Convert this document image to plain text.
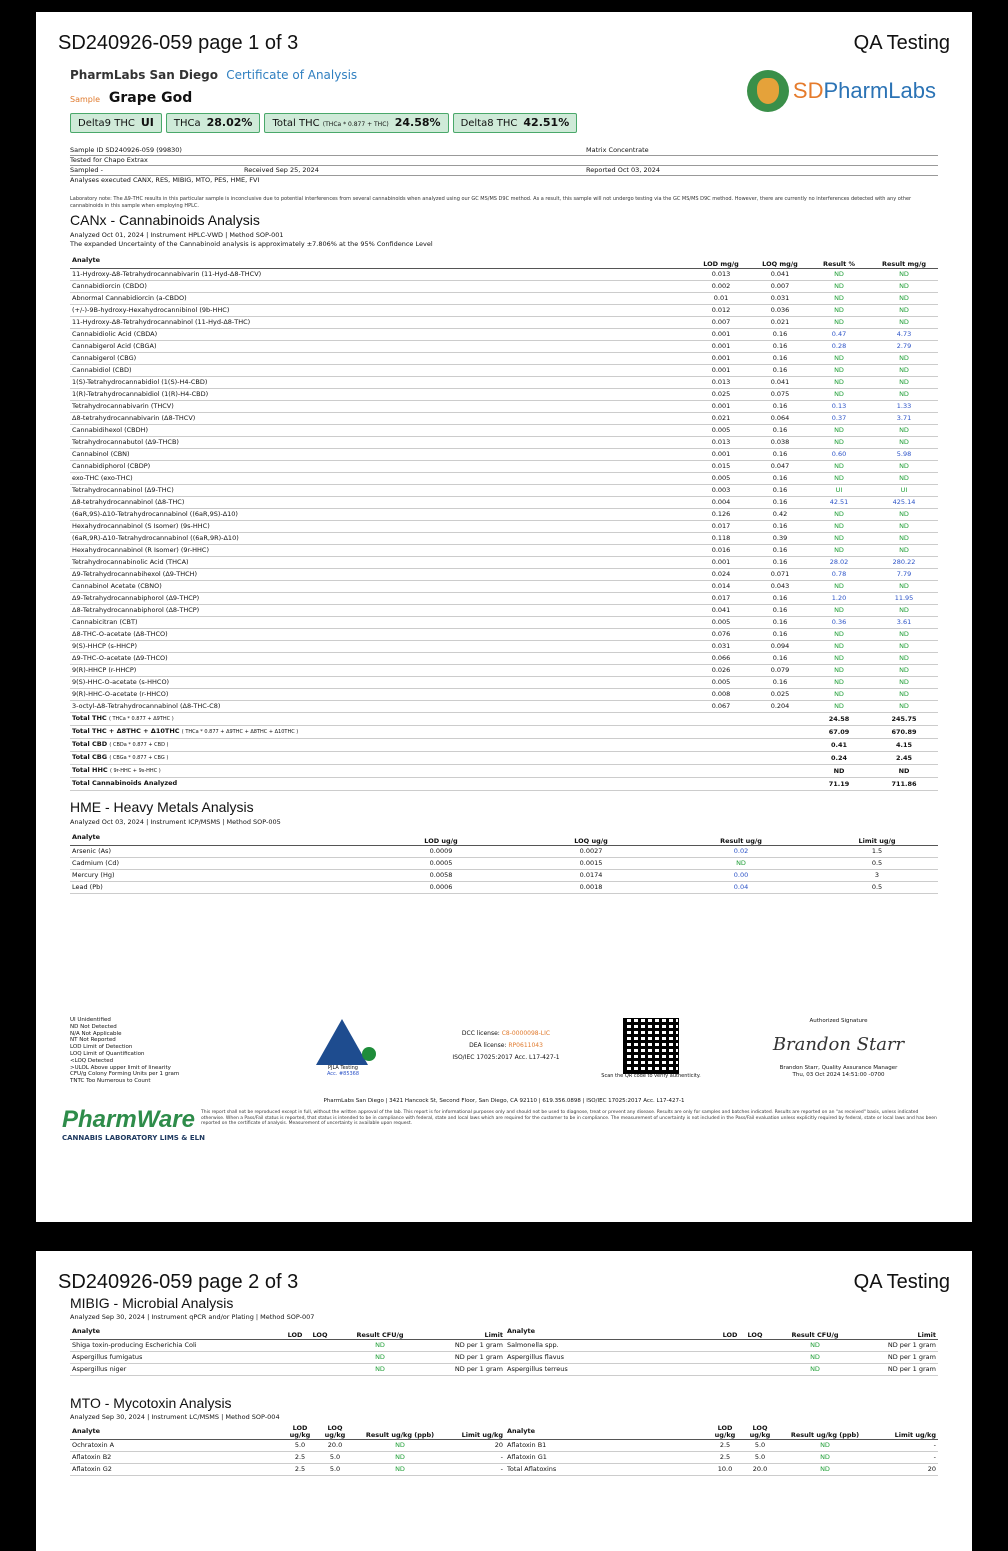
SD240926-059 page 1 of 3	QA Testing
PharmLabs San Diego Certificate of Analysis
Sample Grape God
Delta9 THC UI	THCa 28.02%	Total THC (THCa * 0.877 + THC) 24.58%	Delta8 THC 42.51%
SDPharmLabs
Sample ID SD240926-059 (99830)	Matrix Concentrate
Tested for Chapo Extrax
Sampled -	Received Sep 25, 2024	Reported Oct 03, 2024
Analyses executed CANX, RES, MIBIG, MTO, PES, HME, FVI
Laboratory note: The Δ9-THC results in this particular sample is inconclusive due to potential interferences from several cannabinoids when analyzed using our GC MS/MS D9C method. As a result, this sample will not undergo testing via the GC MS/MS D9C method. However, there are currently no interferences detected with any other cannabinoids in this sample when employing HPLC.
CANx - Cannabinoids Analysis
Analyzed Oct 01, 2024 | Instrument HPLC-VWD | Method SOP-001
The expanded Uncertainty of the Cannabinoid analysis is approximately ±7.806% at the 95% Confidence Level
Analyte	LOD mg/g	LOQ mg/g	Result %	Result mg/g
11-Hydroxy-Δ8-Tetrahydrocannabivarin (11-Hyd-Δ8-THCV)	0.013	0.041	ND	ND
Cannabidiorcin (CBDO)	0.002	0.007	ND	ND
Abnormal Cannabidiorcin (a-CBDO)	0.01	0.031	ND	ND
(+/-)-9B-hydroxy-Hexahydrocannibinol (9b-HHC)	0.012	0.036	ND	ND
11-Hydroxy-Δ8-Tetrahydrocannabinol (11-Hyd-Δ8-THC)	0.007	0.021	ND	ND
Cannabidiolic Acid (CBDA)	0.001	0.16	0.47	4.73
Cannabigerol Acid (CBGA)	0.001	0.16	0.28	2.79
Cannabigerol (CBG)	0.001	0.16	ND	ND
Cannabidiol (CBD)	0.001	0.16	ND	ND
1(S)-Tetrahydrocannabidiol (1(S)-H4-CBD)	0.013	0.041	ND	ND
1(R)-Tetrahydrocannabidiol (1(R)-H4-CBD)	0.025	0.075	ND	ND
Tetrahydrocannabivarin (THCV)	0.001	0.16	0.13	1.33
Δ8-tetrahydrocannabivarin (Δ8-THCV)	0.021	0.064	0.37	3.71
Cannabidihexol (CBDH)	0.005	0.16	ND	ND
Tetrahydrocannabutol (Δ9-THCB)	0.013	0.038	ND	ND
Cannabinol (CBN)	0.001	0.16	0.60	5.98
Cannabidiphorol (CBDP)	0.015	0.047	ND	ND
exo-THC (exo-THC)	0.005	0.16	ND	ND
Tetrahydrocannabinol (Δ9-THC)	0.003	0.16	UI	UI
Δ8-tetrahydrocannabinol (Δ8-THC)	0.004	0.16	42.51	425.14
(6aR,9S)-Δ10-Tetrahydrocannabinol ((6aR,9S)-Δ10)	0.126	0.42	ND	ND
Hexahydrocannabinol (S Isomer) (9s-HHC)	0.017	0.16	ND	ND
(6aR,9R)-Δ10-Tetrahydrocannabinol ((6aR,9R)-Δ10)	0.118	0.39	ND	ND
Hexahydrocannabinol (R Isomer) (9r-HHC)	0.016	0.16	ND	ND
Tetrahydrocannabinolic Acid (THCA)	0.001	0.16	28.02	280.22
Δ9-Tetrahydrocannabihexol (Δ9-THCH)	0.024	0.071	0.78	7.79
Cannabinol Acetate (CBNO)	0.014	0.043	ND	ND
Δ9-Tetrahydrocannabiphorol (Δ9-THCP)	0.017	0.16	1.20	11.95
Δ8-Tetrahydrocannabiphorol (Δ8-THCP)	0.041	0.16	ND	ND
Cannabicitran (CBT)	0.005	0.16	0.36	3.61
Δ8-THC-O-acetate (Δ8-THCO)	0.076	0.16	ND	ND
9(S)-HHCP (s-HHCP)	0.031	0.094	ND	ND
Δ9-THC-O-acetate (Δ9-THCO)	0.066	0.16	ND	ND
9(R)-HHCP (r-HHCP)	0.026	0.079	ND	ND
9(S)-HHC-O-acetate (s-HHCO)	0.005	0.16	ND	ND
9(R)-HHC-O-acetate (r-HHCO)	0.008	0.025	ND	ND
3-octyl-Δ8-Tetrahydrocannabinol (Δ8-THC-C8)	0.067	0.204	ND	ND
Total THC ( THCa * 0.877 + Δ9THC )			24.58	245.75
Total THC + Δ8THC + Δ10THC ( THCa * 0.877 + Δ9THC + Δ8THC + Δ10THC )			67.09	670.89
Total CBD ( CBDa * 0.877 + CBD )			0.41	4.15
Total CBG ( CBGa * 0.877 + CBG )			0.24	2.45
Total HHC ( 9r-HHC + 9s-HHC )			ND	ND
Total Cannabinoids Analyzed			71.19	711.86
HME - Heavy Metals Analysis
Analyzed Oct 03, 2024 | Instrument ICP/MSMS | Method SOP-005
Analyte	LOD ug/g	LOQ ug/g	Result ug/g	Limit ug/g
Arsenic (As)	0.0009	0.0027	0.02	1.5
Cadmium (Cd)	0.0005	0.0015	ND	0.5
Mercury (Hg)	0.0058	0.0174	0.00	3
Lead (Pb)	0.0006	0.0018	0.04	0.5
UI Unidentified
ND Not Detected
N/A Not Applicable
NT Not Reported
LOD Limit of Detection
LOQ Limit of Quantification
<LOQ Detected
>ULOL Above upper limit of linearity
CFU/g Colony Forming Units per 1 gram
TNTC Too Numerous to Count
PJLA Testing
Acc. #85368
DCC license: C8-0000098-LIC
DEA license: RP0611043
ISO/IEC 17025:2017 Acc. L17-427-1
Scan the QR code to verify authenticity.
Authorized Signature
Brandon Starr
Brandon Starr, Quality Assurance Manager
Thu, 03 Oct 2024 14:51:00 -0700
PharmLabs San Diego | 3421 Hancock St, Second Floor, San Diego, CA 92110 | 619.356.0898 | ISO/IEC 17025:2017 Acc. L17-427-1
PharmWare
CANNABIS LABORATORY LIMS & ELN
This report shall not be reproduced except in full, without the written approval of the lab. This report is for informational purposes only and should not be used to diagnose, treat or prevent any disease. Results are only for samples and batches indicated. Results are reported on an "as received" basis, unless indicated otherwise. When a Pass/Fail status is reported, that status is intended to be in compliance with federal, state and local laws which are required for the customer to be in compliance. The measurement of uncertainty is not included in the Pass/Fail evaluation unless explicitly required by federal, state or local laws and has been reported on the certificate of analysis. Measurement of uncertainty is available upon request.
SD240926-059 page 2 of 3	QA Testing
MIBIG - Microbial Analysis
Analyzed Sep 30, 2024 | Instrument qPCR and/or Plating | Method SOP-007
Analyte	LOD	LOQ	Result CFU/g	Limit	Analyte	LOD	LOQ	Result CFU/g	Limit
Shiga toxin-producing Escherichia Coli			ND	ND per 1 gram	Salmonella spp.			ND	ND per 1 gram
Aspergillus fumigatus			ND	ND per 1 gram	Aspergillus flavus			ND	ND per 1 gram
Aspergillus niger			ND	ND per 1 gram	Aspergillus terreus			ND	ND per 1 gram
MTO - Mycotoxin Analysis
Analyzed Sep 30, 2024 | Instrument LC/MSMS | Method SOP-004
Analyte	LOD ug/kg	LOQ ug/kg	Result ug/kg (ppb)	Limit ug/kg	Analyte	LOD ug/kg	LOQ ug/kg	Result ug/kg (ppb)	Limit ug/kg
Ochratoxin A	5.0	20.0	ND	20	Aflatoxin B1	2.5	5.0	ND	-
Aflatoxin B2	2.5	5.0	ND	-	Aflatoxin G1	2.5	5.0	ND	-
Aflatoxin G2	2.5	5.0	ND	-	Total Aflatoxins	10.0	20.0	ND	20
